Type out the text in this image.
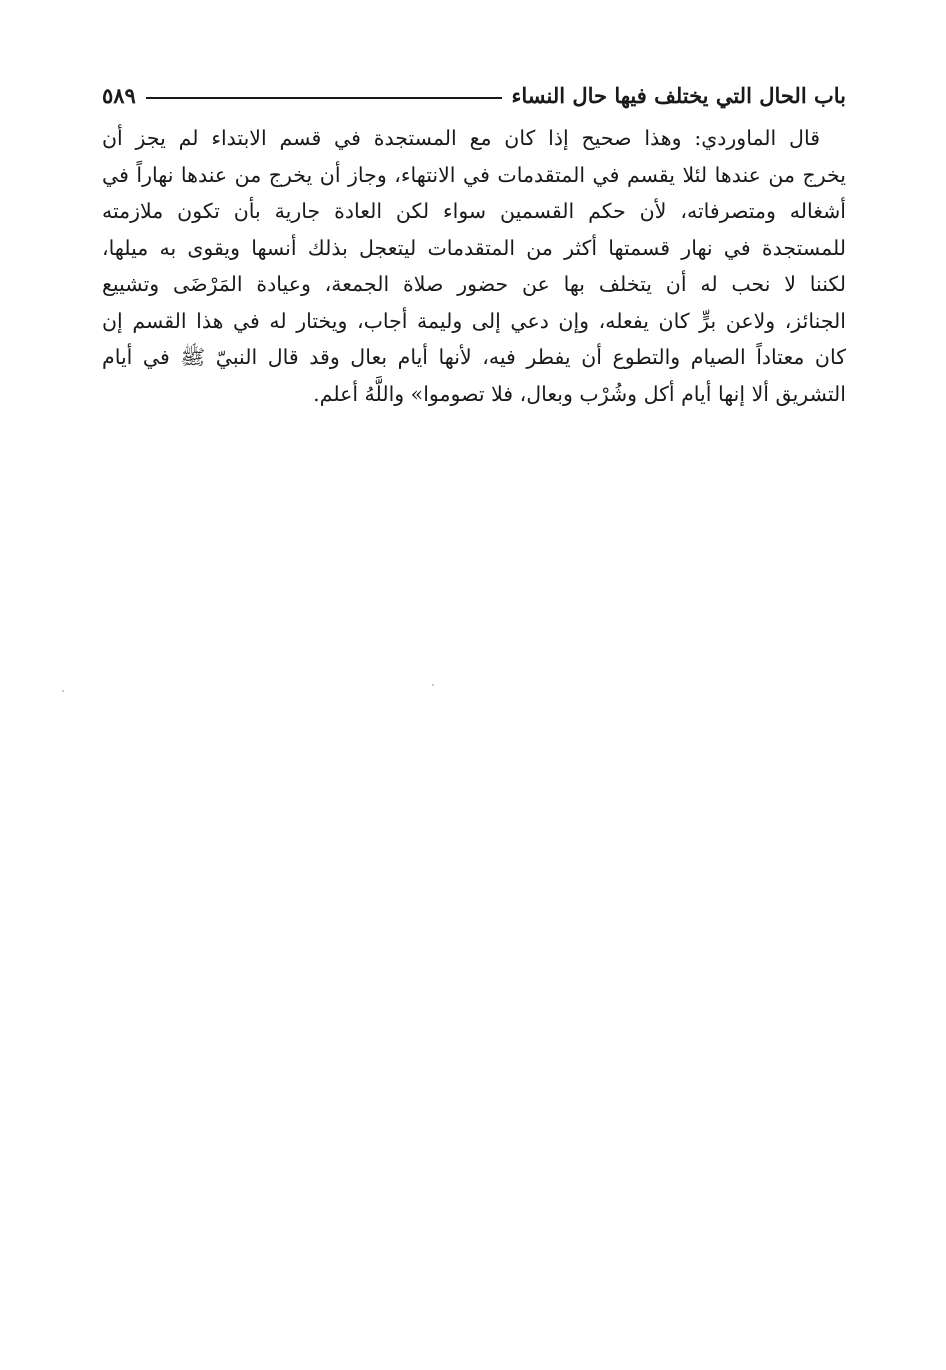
باب الحال التي يختلف فيها حال النساء
٥٨٩
قال الماوردي: وهذا صحيح إذا كان مع المستجدة في قسم الابتداء لم يجز أن
يخرج من عندها لئلا يقسم في المتقدمات في الانتهاء، وجاز أن يخرج من عندها نهاراً في
أشغاله ومتصرفاته، لأن حكم القسمين سواء لكن العادة جارية بأن تكون ملازمته
للمستجدة في نهار قسمتها أكثر من المتقدمات ليتعجل بذلك أنسها ويقوى به ميلها،
لكننا لا نحب له أن يتخلف بها عن حضور صلاة الجمعة، وعيادة المَرْضَى وتشييع
الجنائز، ولاعن برٍّ كان يفعله، وإن دعي إلى وليمة أجاب، ويختار له في هذا القسم إن
كان معتاداً الصيام والتطوع أن يفطر فيه، لأنها أيام بعال وقد قال النبيّ ﷺ في أيام
التشريق ألا إنها أيام أكل وشُرْب وبعال، فلا تصوموا» واللَّهُ أعلم.
